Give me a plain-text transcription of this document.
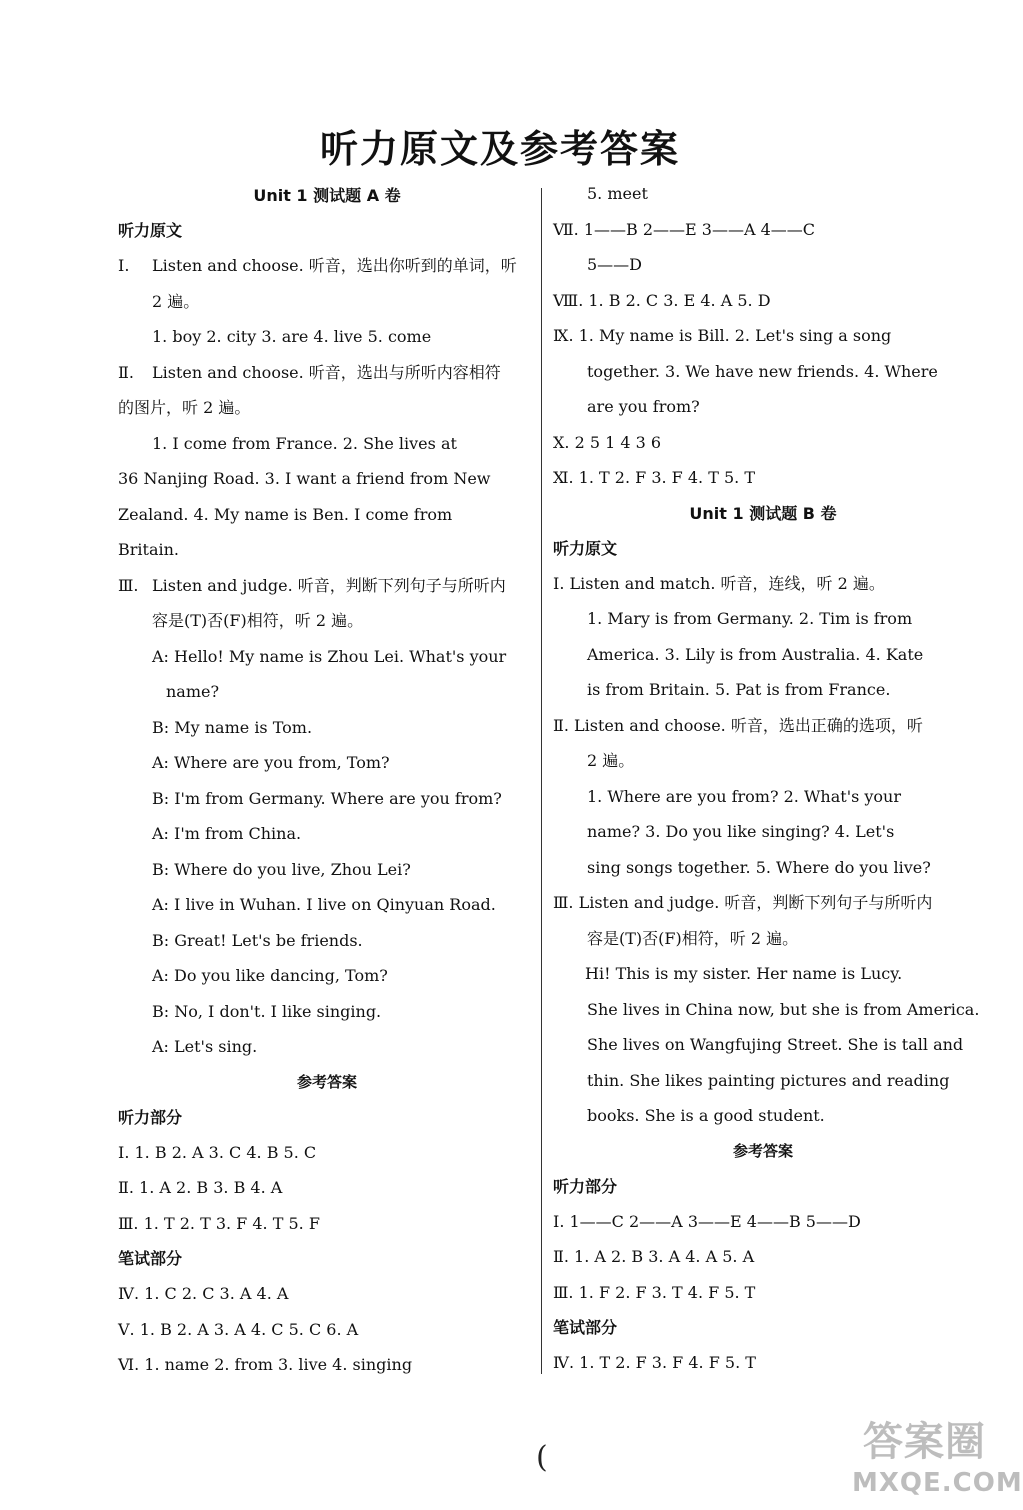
听力原文及参考答案
Unit 1 测试题 A 卷
听力原文
Ⅰ. Listen and choose. 听音，选出你听到的单词，听
2 遍。
1. boy 2. city 3. are 4. live 5. come
Ⅱ. Listen and choose. 听音，选出与所听内容相符
的图片，听 2 遍。
1. I come from France. 2. She lives at
36 Nanjing Road. 3. I want a friend from New
Zealand. 4. My name is Ben. I come from
Britain.
Ⅲ. Listen and judge. 听音，判断下列句子与所听内
容是(T)否(F)相符，听 2 遍。
A: Hello! My name is Zhou Lei. What's your
name?
B: My name is Tom.
A: Where are you from, Tom?
B: I'm from Germany. Where are you from?
A: I'm from China.
B: Where do you live, Zhou Lei?
A: I live in Wuhan. I live on Qinyuan Road.
B: Great! Let's be friends.
A: Do you like dancing, Tom?
B: No, I don't. I like singing.
A: Let's sing.
参考答案
听力部分
Ⅰ. 1. B 2. A 3. C 4. B 5. C
Ⅱ. 1. A 2. B 3. B 4. A
Ⅲ. 1. T 2. T 3. F 4. T 5. F
笔试部分
Ⅳ. 1. C 2. C 3. A 4. A
Ⅴ. 1. B 2. A 3. A 4. C 5. C 6. A
Ⅵ. 1. name 2. from 3. live 4. singing
5. meet
Ⅶ. 1——B 2——E 3——A 4——C
5——D
Ⅷ. 1. B 2. C 3. E 4. A 5. D
Ⅸ. 1. My name is Bill. 2. Let's sing a song
together. 3. We have new friends. 4. Where
are you from?
Ⅹ. 2 5 1 4 3 6
Ⅺ. 1. T 2. F 3. F 4. T 5. T
Unit 1 测试题 B 卷
听力原文
Ⅰ. Listen and match. 听音，连线，听 2 遍。
1. Mary is from Germany. 2. Tim is from
America. 3. Lily is from Australia. 4. Kate
is from Britain. 5. Pat is from France.
Ⅱ. Listen and choose. 听音，选出正确的选项，听
2 遍。
1. Where are you from? 2. What's your
name? 3. Do you like singing? 4. Let's
sing songs together. 5. Where do you live?
Ⅲ. Listen and judge. 听音，判断下列句子与所听内
容是(T)否(F)相符，听 2 遍。
Hi! This is my sister. Her name is Lucy.
She lives in China now, but she is from America.
She lives on Wangfujing Street. She is tall and
thin. She likes painting pictures and reading
books. She is a good student.
参考答案
听力部分
Ⅰ. 1——C 2——A 3——E 4——B 5——D
Ⅱ. 1. A 2. B 3. A 4. A 5. A
Ⅲ. 1. F 2. F 3. T 4. F 5. T
笔试部分
Ⅳ. 1. T 2. F 3. F 4. F 5. T
(	答案圈
MXQE.COM
